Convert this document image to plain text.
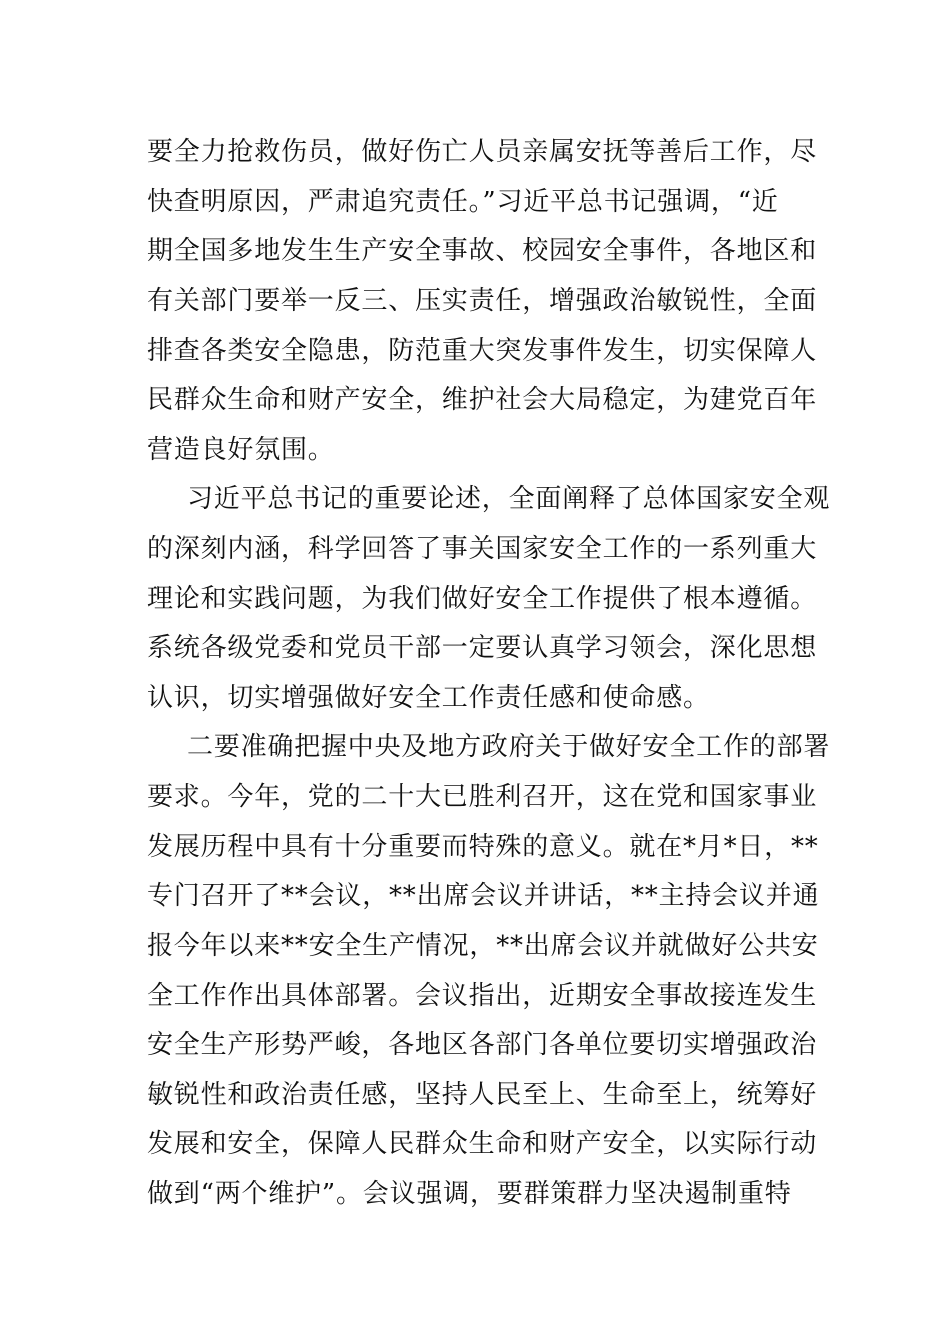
要全力抢救伤员，做好伤亡人员亲属安抚等善后工作，尽
快查明原因，严肃追究责任。”习近平总书记强调，“近
期全国多地发生生产安全事故、校园安全事件，各地区和
有关部门要举一反三、压实责任，增强政治敏锐性，全面
排查各类安全隐患，防范重大突发事件发生，切实保障人
民群众生命和财产安全，维护社会大局稳定，为建党百年
营造良好氛围。
习近平总书记的重要论述，全面阐释了总体国家安全观
的深刻内涵，科学回答了事关国家安全工作的一系列重大
理论和实践问题，为我们做好安全工作提供了根本遵循。
系统各级党委和党员干部一定要认真学习领会，深化思想
认识，切实增强做好安全工作责任感和使命感。
二要准确把握中央及地方政府关于做好安全工作的部署
要求。今年，党的二十大已胜利召开，这在党和国家事业
发展历程中具有十分重要而特殊的意义。就在*月*日，**
专门召开了**会议，**出席会议并讲话，**主持会议并通
报今年以来**安全生产情况，**出席会议并就做好公共安
全工作作出具体部署。会议指出，近期安全事故接连发生
安全生产形势严峻，各地区各部门各单位要切实增强政治
敏锐性和政治责任感，坚持人民至上、生命至上，统筹好
发展和安全，保障人民群众生命和财产安全，以实际行动
做到“两个维护”。会议强调，要群策群力坚决遏制重特
